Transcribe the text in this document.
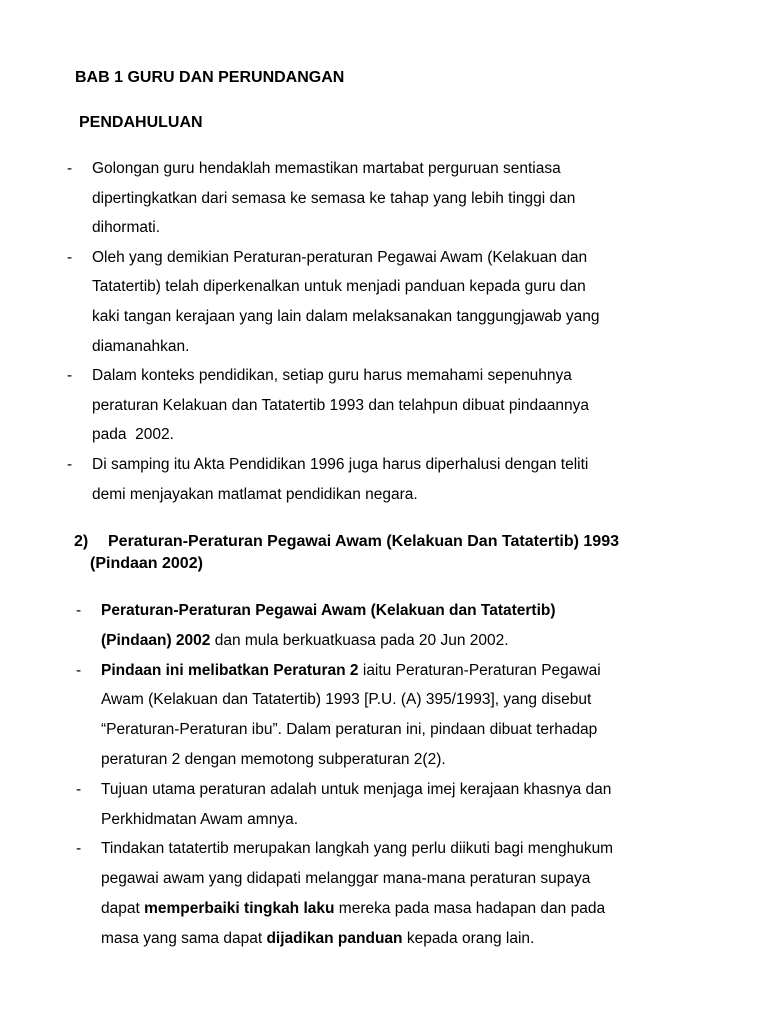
BAB 1 GURU DAN PERUNDANGAN
PENDAHULUAN
- Golongan guru hendaklah memastikan martabat perguruan sentiasa
dipertingkatkan dari semasa ke semasa ke tahap yang lebih tinggi dan
dihormati.
- Oleh yang demikian Peraturan-peraturan Pegawai Awam (Kelakuan dan
Tatatertib) telah diperkenalkan untuk menjadi panduan kepada guru dan
kaki tangan kerajaan yang lain dalam melaksanakan tanggungjawab yang
diamanahkan.
- Dalam konteks pendidikan, setiap guru harus memahami sepenuhnya
peraturan Kelakuan dan Tatatertib 1993 dan telahpun dibuat pindaannya
pada  2002.
- Di samping itu Akta Pendidikan 1996 juga harus diperhalusi dengan teliti
demi menjayakan matlamat pendidikan negara.
2) Peraturan-Peraturan Pegawai Awam (Kelakuan Dan Tatatertib) 1993
(Pindaan 2002)
- Peraturan-Peraturan Pegawai Awam (Kelakuan dan Tatatertib)
(Pindaan) 2002 dan mula berkuatkuasa pada 20 Jun 2002.
- Pindaan ini melibatkan Peraturan 2 iaitu Peraturan-Peraturan Pegawai
Awam (Kelakuan dan Tatatertib) 1993 [P.U. (A) 395/1993], yang disebut
“Peraturan-Peraturan ibu”. Dalam peraturan ini, pindaan dibuat terhadap
peraturan 2 dengan memotong subperaturan 2(2).
- Tujuan utama peraturan adalah untuk menjaga imej kerajaan khasnya dan
Perkhidmatan Awam amnya.
- Tindakan tatatertib merupakan langkah yang perlu diikuti bagi menghukum
pegawai awam yang didapati melanggar mana-mana peraturan supaya
dapat memperbaiki tingkah laku mereka pada masa hadapan dan pada
masa yang sama dapat dijadikan panduan kepada orang lain.
